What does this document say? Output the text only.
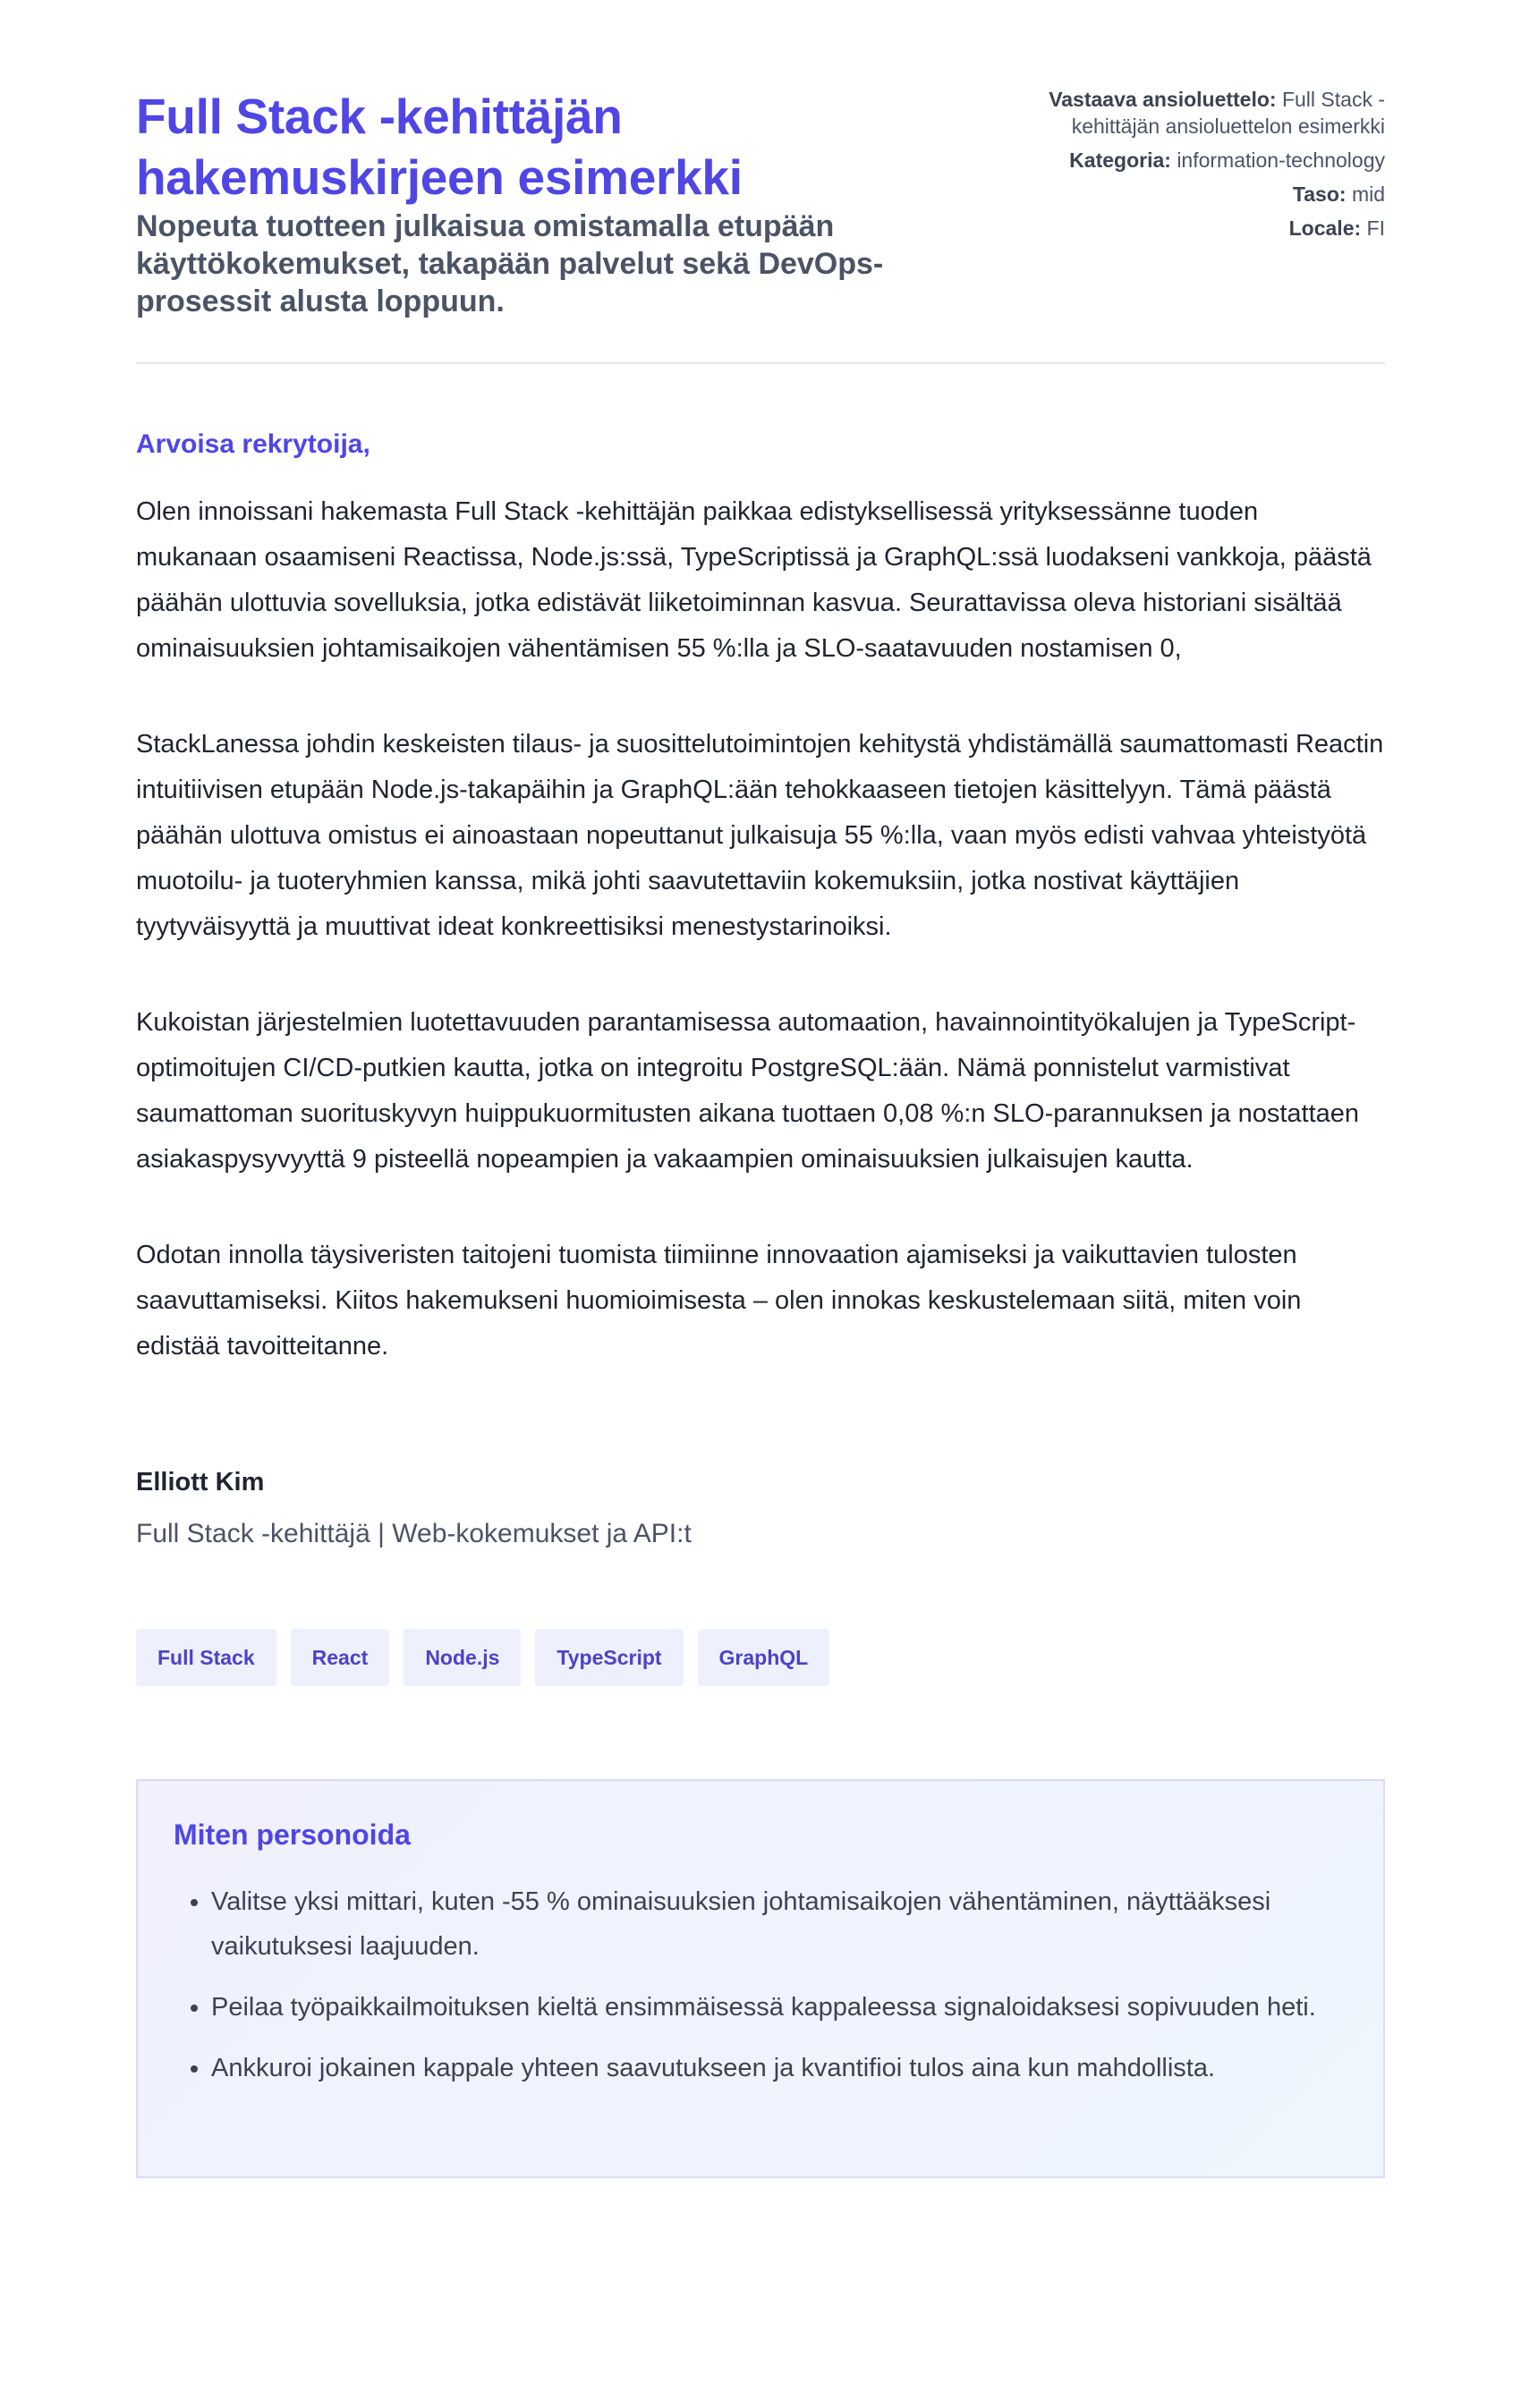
Full Stack -kehittäjän hakemuskirjeen esimerkki

Nopeuta tuotteen julkaisua omistamalla etupään käyttökokemukset, takapään palvelut sekä DevOps-prosessit alusta loppuun.

Vastaava ansioluettelo: Full Stack -kehittäjän ansioluettelon esimerkki
Kategoria: information-technology
Taso: mid
Locale: FI

Arvoisa rekrytoija,

Olen innoissani hakemasta Full Stack -kehittäjän paikkaa edistyksellisessä yrityksessänne tuoden mukanaan osaamiseni Reactissa, Node.js:ssä, TypeScriptissä ja GraphQL:ssä luodakseni vankkoja, päästä päähän ulottuvia sovelluksia, jotka edistävät liiketoiminnan kasvua. Seurattavissa oleva historiani sisältää ominaisuuksien johtamisaikojen vähentämisen 55 %:lla ja SLO-saatavuuden nostamisen 0,

StackLanessa johdin keskeisten tilaus- ja suosittelutoimintojen kehitystä yhdistämällä saumattomasti Reactin intuitiivisen etupään Node.js-takapäihin ja GraphQL:ään tehokkaaseen tietojen käsittelyyn. Tämä päästä päähän ulottuva omistus ei ainoastaan nopeuttanut julkaisuja 55 %:lla, vaan myös edisti vahvaa yhteistyötä muotoilu- ja tuoteryhmien kanssa, mikä johti saavutettaviin kokemuksiin, jotka nostivat käyttäjien tyytyväisyyttä ja muuttivat ideat konkreettisiksi menestystarinoiksi.

Kukoistan järjestelmien luotettavuuden parantamisessa automaation, havainnointityökalujen ja TypeScript-optimoitujen CI/CD-putkien kautta, jotka on integroitu PostgreSQL:ään. Nämä ponnistelut varmistivat saumattoman suorituskyvyn huippukuormitusten aikana tuottaen 0,08 %:n SLO-parannuksen ja nostattaen asiakaspysyvyyttä 9 pisteellä nopeampien ja vakaampien ominaisuuksien julkaisujen kautta.

Odotan innolla täysiveristen taitojeni tuomista tiimiinne innovaation ajamiseksi ja vaikuttavien tulosten saavuttamiseksi. Kiitos hakemukseni huomioimisesta – olen innokas keskustelemaan siitä, miten voin edistää tavoitteitanne.

Elliott Kim

Full Stack -kehittäjä | Web-kokemukset ja API:t

Full Stack	React	Node.js	TypeScript	GraphQL
Miten personoida
• Valitse yksi mittari, kuten -55 % ominaisuuksien johtamisaikojen vähentäminen, näyttääksesi vaikutuksesi laajuuden.
• Peilaa työpaikkailmoituksen kieltä ensimmäisessä kappaleessa signaloidaksesi sopivuuden heti.
• Ankkuroi jokainen kappale yhteen saavutukseen ja kvantifioi tulos aina kun mahdollista.
